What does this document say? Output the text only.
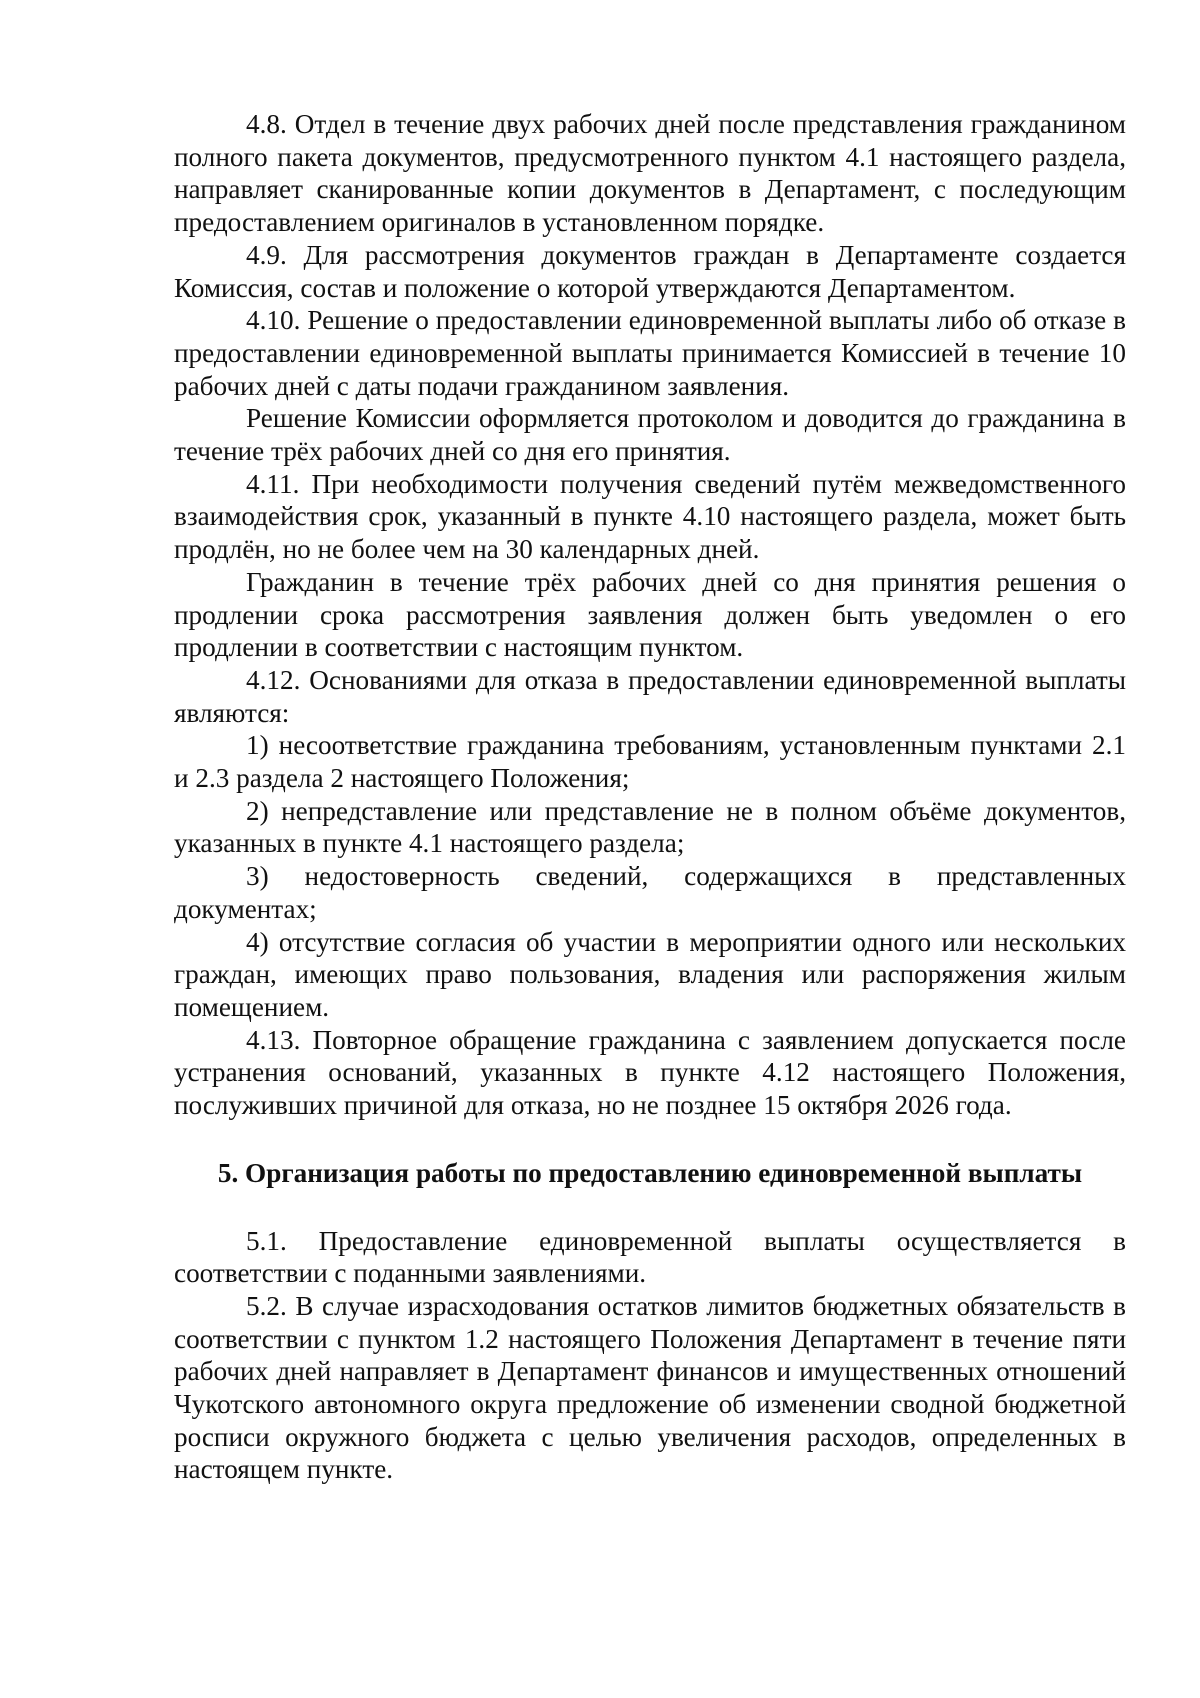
4.8. Отдел в течение двух рабочих дней после представления гражданином полного пакета документов, предусмотренного пунктом 4.1 настоящего раздела, направляет сканированные копии документов в Департамент, с последующим предоставлением оригиналов в установленном порядке.

4.9. Для рассмотрения документов граждан в Департаменте создается Комиссия, состав и положение о которой утверждаются Департаментом.

4.10. Решение о предоставлении единовременной выплаты либо об отказе в предоставлении единовременной выплаты принимается Комиссией в течение 10 рабочих дней с даты подачи гражданином заявления.

Решение Комиссии оформляется протоколом и доводится до гражданина в течение трёх рабочих дней со дня его принятия.

4.11. При необходимости получения сведений путём межведомственного взаимодействия срок, указанный в пункте 4.10 настоящего раздела, может быть продлён, но не более чем на 30 календарных дней.

Гражданин в течение трёх рабочих дней со дня принятия решения о продлении срока рассмотрения заявления должен быть уведомлен о его продлении в соответствии с настоящим пунктом.

4.12. Основаниями для отказа в предоставлении единовременной выплаты являются:

1) несоответствие гражданина требованиям, установленным пунктами 2.1 и 2.3 раздела 2 настоящего Положения;

2) непредставление или представление не в полном объёме документов, указанных в пункте 4.1 настоящего раздела;

3) недостоверность сведений, содержащихся в представленных документах;

4) отсутствие согласия об участии в мероприятии одного или нескольких граждан, имеющих право пользования, владения или распоряжения жилым помещением.

4.13. Повторное обращение гражданина с заявлением допускается после устранения оснований, указанных в пункте 4.12 настоящего Положения, послуживших причиной для отказа, но не позднее 15 октября 2026 года.

5. Организация работы по предоставлению единовременной выплаты

5.1. Предоставление единовременной выплаты осуществляется в соответствии с поданными заявлениями.

5.2. В случае израсходования остатков лимитов бюджетных обязательств в соответствии с пунктом 1.2 настоящего Положения Департамент в течение пяти рабочих дней направляет в Департамент финансов и имущественных отношений Чукотского автономного округа предложение об изменении сводной бюджетной росписи окружного бюджета с целью увеличения расходов, определенных в настоящем пункте.
